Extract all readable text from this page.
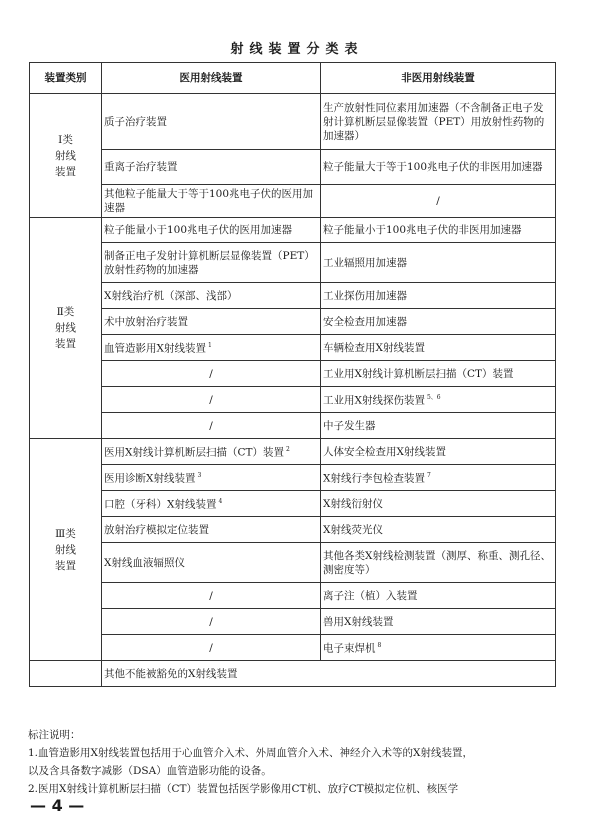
射线装置分类表
装置类别	医用射线装置	非医用射线装置
Ⅰ类
射线
装置	质子治疗装置	生产放射性同位素用加速器（不含制备正电子发射计算机断层显像装置（PET）用放射性药物的加速器）
	重离子治疗装置	粒子能量大于等于100兆电子伏的非医用加速器
	其他粒子能量大于等于100兆电子伏的医用加速器	/
Ⅱ类
射线
装置	粒子能量小于100兆电子伏的医用加速器	粒子能量小于100兆电子伏的非医用加速器
	制备正电子发射计算机断层显像装置（PET）放射性药物的加速器	工业辐照用加速器
	X射线治疗机（深部、浅部）	工业探伤用加速器
	术中放射治疗装置	安全检查用加速器
	血管造影用X射线装置 $^1$	车辆检查用X射线装置
	/	工业用X射线计算机断层扫描（CT）装置
	/	工业用X射线探伤装置 $^{5、6}$
	/	中子发生器
Ⅲ类
射线
装置	医用X射线计算机断层扫描（CT）装置 $^2$	人体安全检查用X射线装置
	医用诊断X射线装置 $^3$	X射线行李包检查装置 $^7$
	口腔（牙科）X射线装置 $^4$	X射线衍射仪
	放射治疗模拟定位装置	X射线荧光仪
	X射线血液辐照仪	其他各类X射线检测装置（测厚、称重、测孔径、测密度等）
	/	离子注（植）入装置
	/	兽用X射线装置
	/	电子束焊机 $^8$
	其他不能被豁免的X射线装置	
标注说明：
1.血管造影用X射线装置包括用于心血管介入术、外周血管介入术、神经介入术等的X射线装置，
以及含具备数字减影（DSA）血管造影功能的设备。
2.医用X射线计算机断层扫描（CT）装置包括医学影像用CT机、放疗CT模拟定位机、核医学
— 4 —
